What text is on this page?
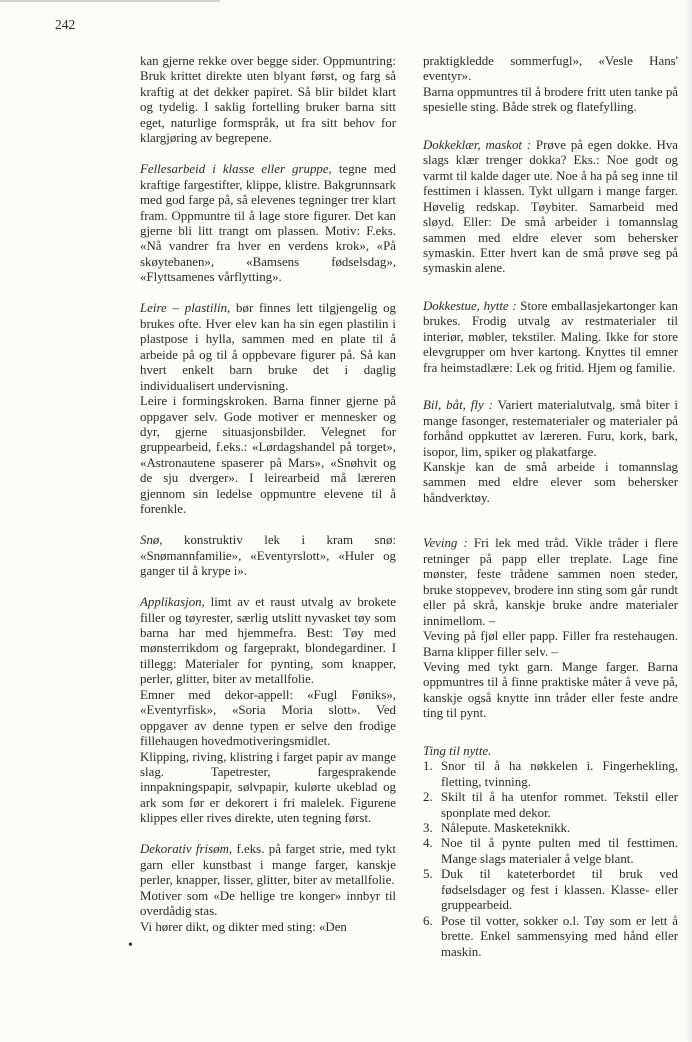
242

kan gjerne rekke over begge sider. Oppmuntring: Bruk krittet direkte uten blyant først, og farg så kraftig at det dekker papiret. Så blir bildet klart og tydelig. I saklig fortelling bruker barna sitt eget, naturlige formspråk, ut fra sitt behov for klargjøring av begrepene.

Fellesarbeid i klasse eller gruppe, tegne med kraftige fargestifter, klippe, klistre. Bakgrunnsark med god farge på, så elevenes tegninger trer klart fram. Oppmuntre til å lage store figurer. Det kan gjerne bli litt trangt om plassen. Motiv: F.eks. «Nå vandrer fra hver en verdens krok», «På skøytebanen», «Bamsens fødselsdag», «Flyttsamenes vårflytting».

Leire – plastilin, bør finnes lett tilgjengelig og brukes ofte. Hver elev kan ha sin egen plastilin i plastpose i hylla, sammen med en plate til å arbeide på og til å oppbevare figurer på. Så kan hvert enkelt barn bruke det i daglig individualisert undervisning.

Leire i formingskroken. Barna finner gjerne på oppgaver selv. Gode motiver er mennesker og dyr, gjerne situasjonsbilder. Velegnet for gruppearbeid, f.eks.: «Lørdagshandel på torget», «Astronautene spaserer på Mars», «Snøhvit og de sju dverger». I leirearbeid må læreren gjennom sin ledelse oppmuntre elevene til å forenkle.

Snø, konstruktiv lek i kram snø: «Snømannfamilie», «Eventyrslott», «Huler og ganger til å krype i».

Applikasjon, limt av et raust utvalg av brokete filler og tøyrester, særlig utslitt nyvasket tøy som barna har med hjemmefra. Best: Tøy med mønsterrikdom og fargeprakt, blondegardiner. I tillegg: Materialer for pynting, som knapper, perler, glitter, biter av metallfolie.

Emner med dekor-appell: «Fugl Føniks», «Eventyrfisk», «Soria Moria slott». Ved oppgaver av denne typen er selve den frodige fillehaugen hovedmotiveringsmidlet.

Klipping, riving, klistring i farget papir av mange slag. Tapetrester, fargesprakende innpakningspapir, sølvpapir, kulørte ukeblad og ark som før er dekorert i fri malelek. Figurene klippes eller rives direkte, uten tegning først.

Dekorativ frisøm, f.eks. på farget strie, med tykt garn eller kunstbast i mange farger, kanskje perler, knapper, lisser, glitter, biter av metallfolie.

Motiver som «De hellige tre konger» innbyr til overdådig stas.

Vi hører dikt, og dikter med sting: «Den

•

praktigkledde sommerfugl», «Vesle Hans' eventyr».

Barna oppmuntres til å brodere fritt uten tanke på spesielle sting. Både strek og flatefylling.

Dokkeklær, maskot : Prøve på egen dokke. Hva slags klær trenger dokka? Eks.: Noe godt og varmt til kalde dager ute. Noe å ha på seg inne til festtimen i klassen. Tykt ullgarn i mange farger. Høvelig redskap. Tøybiter. Samarbeid med sløyd. Eller: De små arbeider i tomannslag sammen med eldre elever som behersker symaskin. Etter hvert kan de små prøve seg på symaskin alene.

Dokkestue, hytte : Store emballasjekartonger kan brukes. Frodig utvalg av restmaterialer til interiør, møbler, tekstiler. Maling. Ikke for store elevgrupper om hver kartong. Knyttes til emner fra heimstadlære: Lek og fritid. Hjem og familie.

Bil, båt, fly : Variert materialutvalg, små biter i mange fasonger, restematerialer og materialer på forhånd oppkuttet av læreren. Furu, kork, bark, isopor, lim, spiker og plakatfarge.

Kanskje kan de små arbeide i tomannslag sammen med eldre elever som behersker håndverktøy.

Veving : Fri lek med tråd. Vikle tråder i flere retninger på papp eller treplate. Lage fine mønster, feste trådene sammen noen steder, bruke stoppevev, brodere inn sting som går rundt eller på skrå, kanskje bruke andre materialer innimellom. –

Veving på fjøl eller papp. Filler fra restehaugen. Barna klipper filler selv. –

Veving med tykt garn. Mange farger. Barna oppmuntres til å finne praktiske måter å veve på, kanskje også knytte inn tråder eller feste andre ting til pynt.

Ting til nytte.

1. Snor til å ha nøkkelen i. Fingerhekling, fletting, tvinning.
2. Skilt til å ha utenfor rommet. Tekstil eller sponplate med dekor.
3. Nålepute. Masketeknikk.
4. Noe til å pynte pulten med til festtimen. Mange slags materialer å velge blant.
5. Duk til kateterbordet til bruk ved fødselsdager og fest i klassen. Klasse- eller gruppearbeid.
6. Pose til votter, sokker o.l. Tøy som er lett å brette. Enkel sammensying med hånd eller maskin.
